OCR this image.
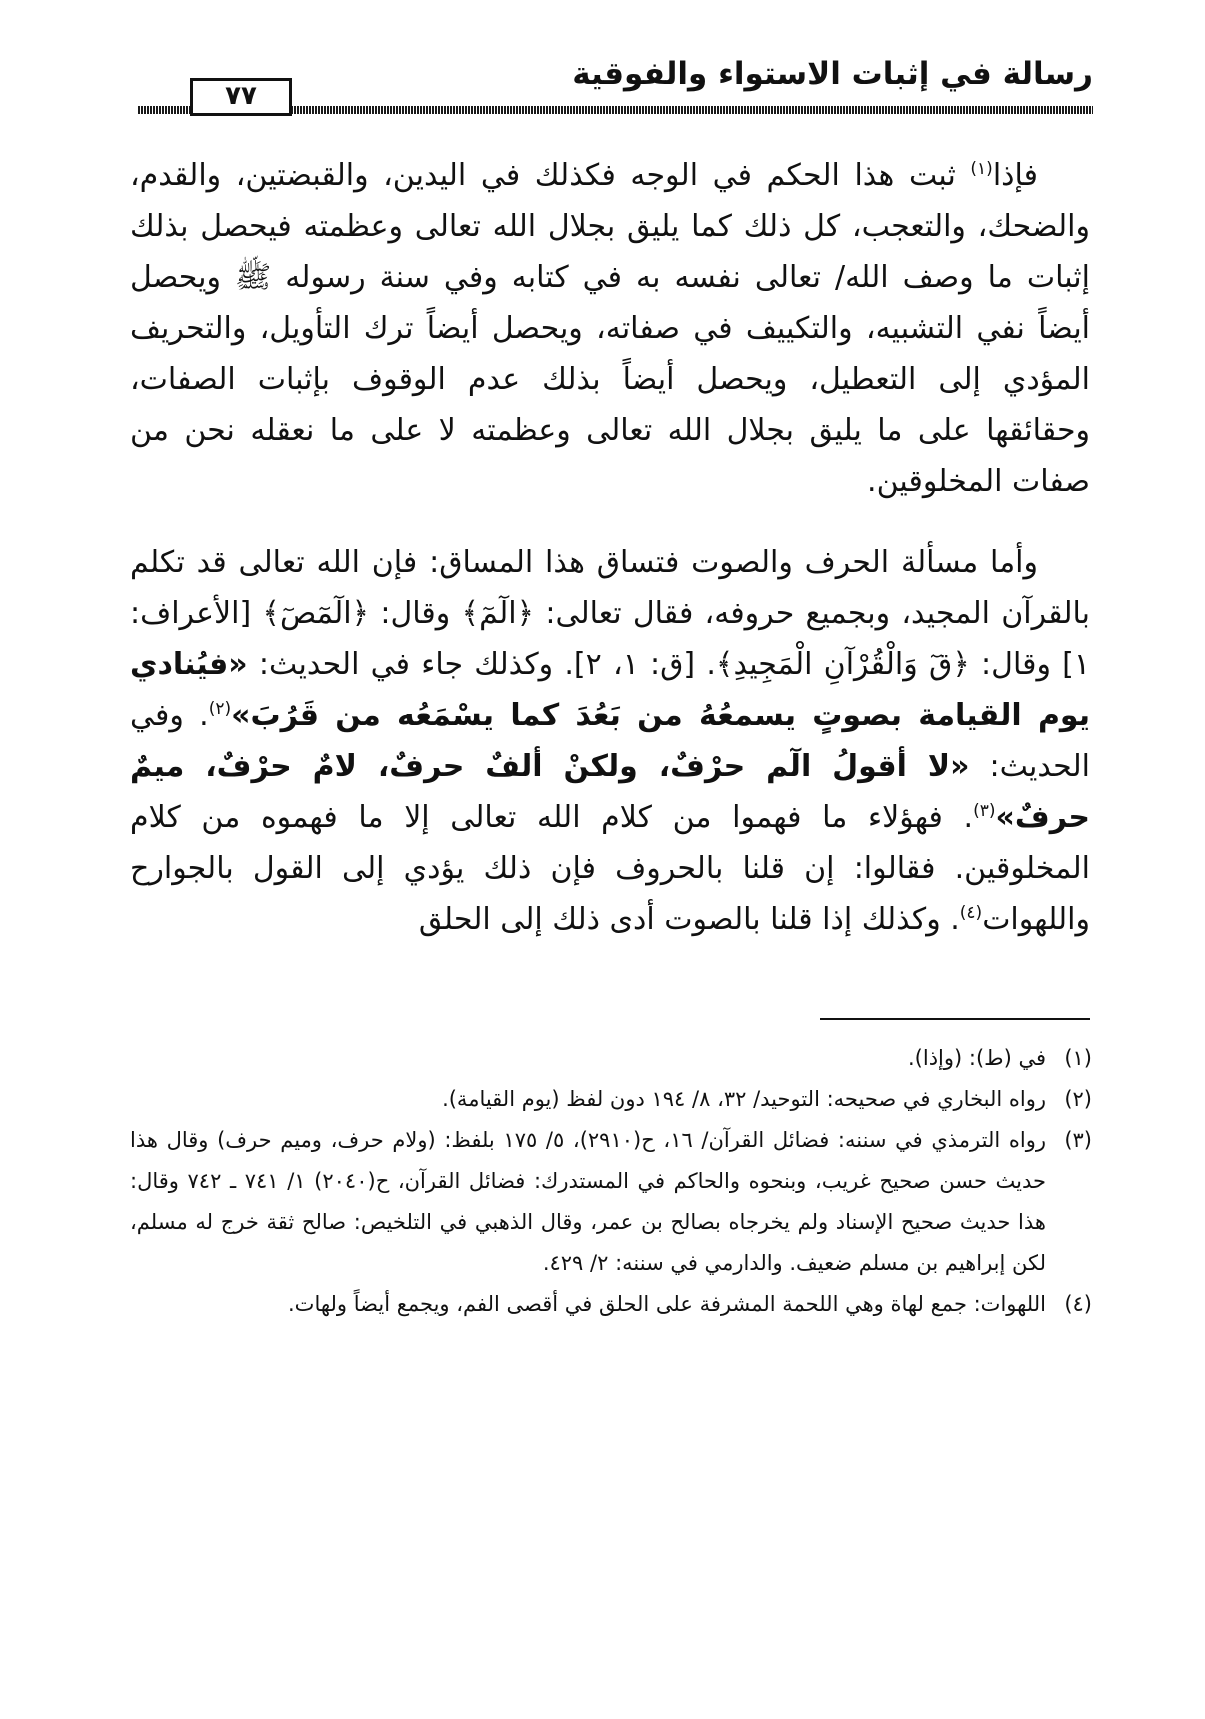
رسالة في إثبات الاستواء والفوقية
٧٧

فإذا$^{(١)}$ ثبت هذا الحكم في الوجه فكذلك في اليدين، والقبضتين، والقدم، والضحك، والتعجب، كل ذلك كما يليق بجلال الله تعالى وعظمته فيحصل بذلك إثبات ما وصف الله/ تعالى نفسه به في كتابه وفي سنة رسوله ﷺ ويحصل أيضاً نفي التشبيه، والتكييف في صفاته، ويحصل أيضاً ترك التأويل، والتحريف المؤدي إلى التعطيل، ويحصل أيضاً بذلك عدم الوقوف بإثبات الصفات، وحقائقها على ما يليق بجلال الله تعالى وعظمته لا على ما نعقله نحن من صفات المخلوقين.

وأما مسألة الحرف والصوت فتساق هذا المساق: فإن الله تعالى قد تكلم بالقرآن المجيد، وبجميع حروفه، فقال تعالى: ﴿الٓمٓ﴾ وقال: ﴿الٓمٓصٓ﴾ [الأعراف: ١] وقال: ﴿قٓ وَالْقُرْآنِ الْمَجِيدِ﴾. [ق: ١، ٢]. وكذلك جاء في الحديث: «فيُنادي يوم القيامة بصوتٍ يسمعُهُ من بَعُدَ كما يسْمَعُه من قَرُبَ»$^{(٢)}$. وفي الحديث: «لا أقولُ الٓم حرْفٌ، ولكنْ ألفٌ حرفٌ، لامٌ حرْفٌ، ميمٌ حرفٌ»$^{(٣)}$. فهؤلاء ما فهموا من كلام الله تعالى إلا ما فهموه من كلام المخلوقين. فقالوا: إن قلنا بالحروف فإن ذلك يؤدي إلى القول بالجوارح واللهوات$^{(٤)}$. وكذلك إذا قلنا بالصوت أدى ذلك إلى الحلق

(١)
في (ط): (وإذا).

(٢)
رواه البخاري في صحيحه: التوحيد/ ٣٢، ٨/ ١٩٤ دون لفظ (يوم القيامة).

(٣)
رواه الترمذي في سننه: فضائل القرآن/ ١٦، ح(٢٩١٠)، ٥/ ١٧٥ بلفظ: (ولام حرف، وميم حرف) وقال هذا حديث حسن صحيح غريب، وبنحوه والحاكم في المستدرك: فضائل القرآن، ح(٢٠٤٠) ١/ ٧٤١ ـ ٧٤٢ وقال: هذا حديث صحيح الإسناد ولم يخرجاه بصالح بن عمر، وقال الذهبي في التلخيص: صالح ثقة خرج له مسلم، لكن إبراهيم بن مسلم ضعيف. والدارمي في سننه: ٢/ ٤٢٩.

(٤)
اللهوات: جمع لهاة وهي اللحمة المشرفة على الحلق في أقصى الفم، ويجمع أيضاً ولهات.
